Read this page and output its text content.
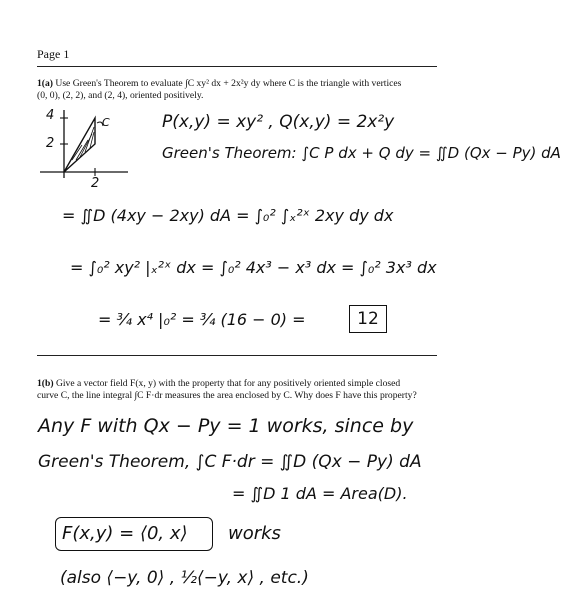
Page 1
1(a) Use Green's Theorem to evaluate ∫C xy² dx + 2x²y dy where C is the triangle with vertices
(0, 0), (2, 2), and (2, 4), oriented positively.
4
2
2
C	P(x,y) = xy² , Q(x,y) = 2x²y
Green's Theorem: ∫C P dx + Q dy = ∬D (Qx − Py) dA
= ∬D (4xy − 2xy) dA = ∫₀² ∫ₓ²ˣ 2xy dy dx
= ∫₀² xy² |ₓ²ˣ dx = ∫₀² 4x³ − x³ dx = ∫₀² 3x³ dx
= ¾ x⁴ |₀² = ¾ (16 − 0) =	12
1(b) Give a vector field F(x, y) with the property that for any positively oriented simple closed
curve C, the line integral ∫C F·dr measures the area enclosed by C. Why does F have this property?
Any F with Qx − Py = 1 works, since by
Green's Theorem, ∫C F·dr = ∬D (Qx − Py) dA
= ∬D 1 dA = Area(D).
F(x,y) = ⟨0, x⟩	works
(also ⟨−y, 0⟩ , ½⟨−y, x⟩ , etc.)
